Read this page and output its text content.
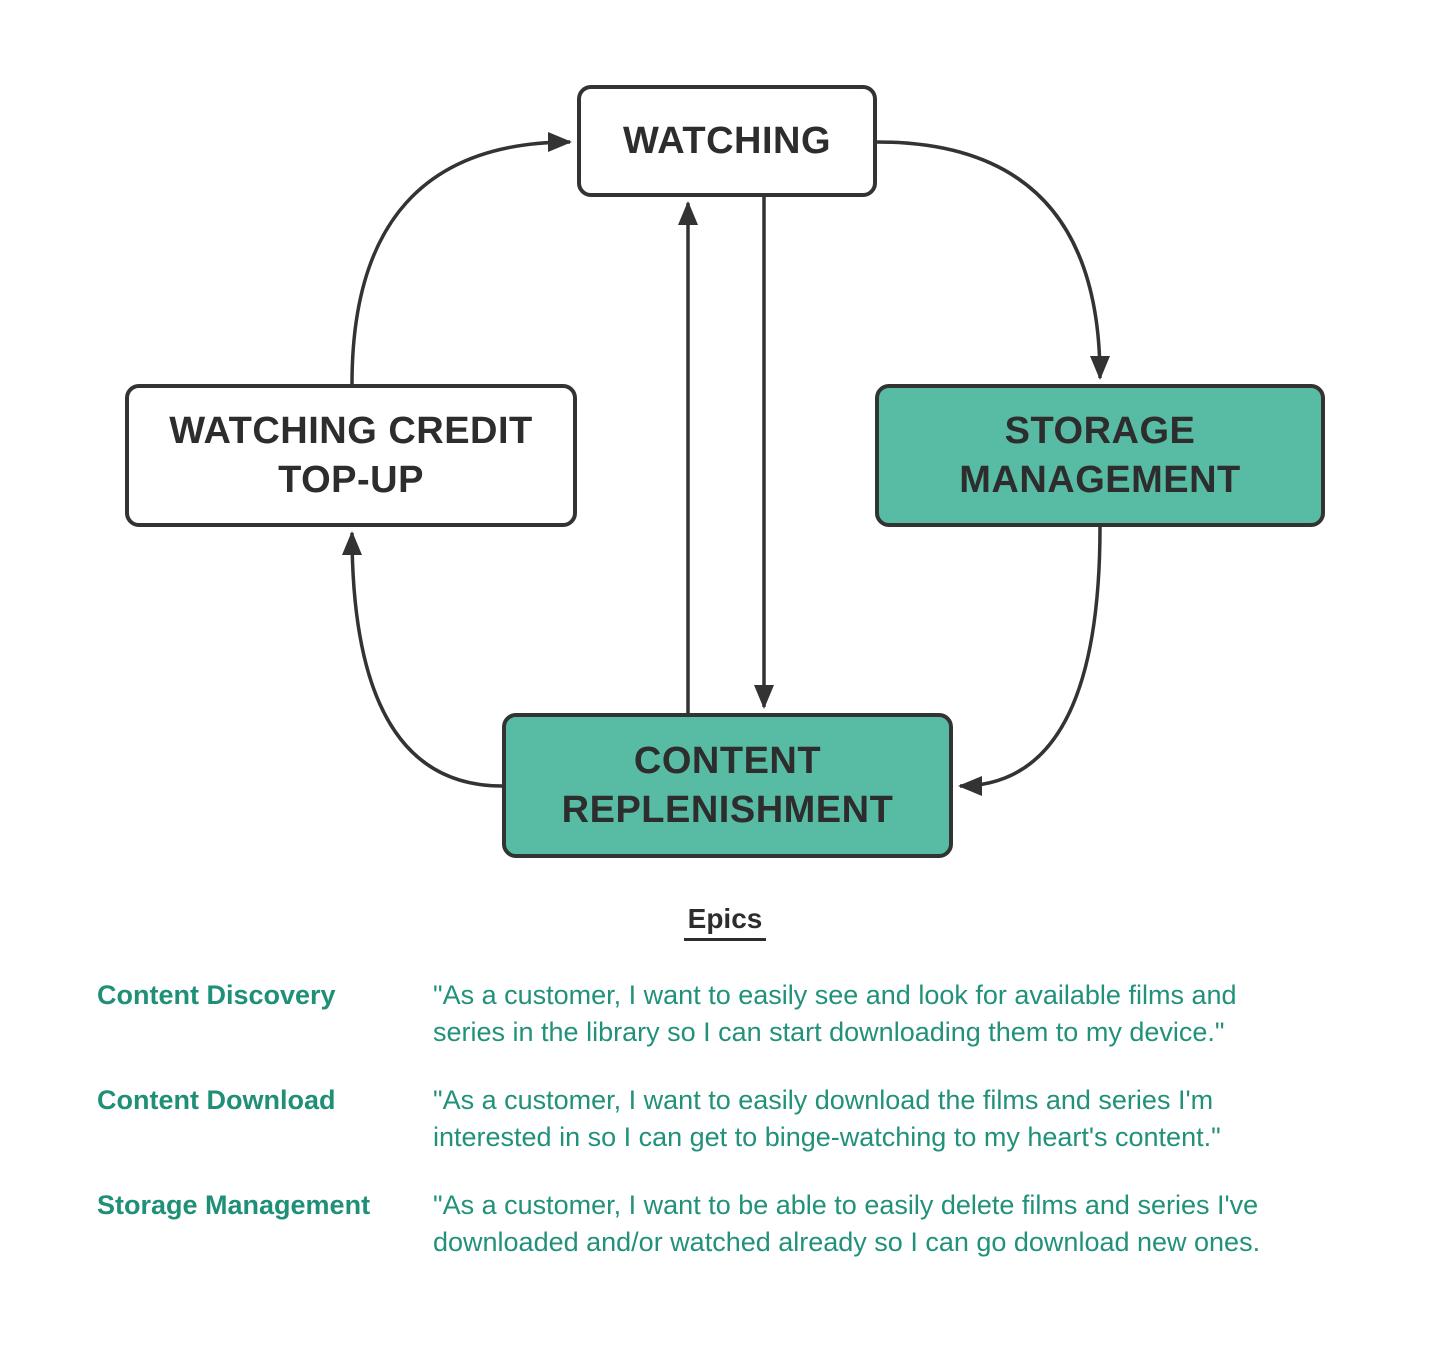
WATCHING
STORAGE MANAGEMENT
WATCHING CREDIT TOP-UP
CONTENT REPLENISHMENT
Epics
Content Discovery	"As a customer, I want to easily see and look for available films and
series in the library so I can start downloading them to my device."
Content Download	"As a customer, I want to easily download the films and series I'm
interested in so I can get to binge-watching to my heart's content."
Storage Management	"As a customer, I want to be able to easily delete films and series I've
downloaded and/or watched already so I can go download new ones.
